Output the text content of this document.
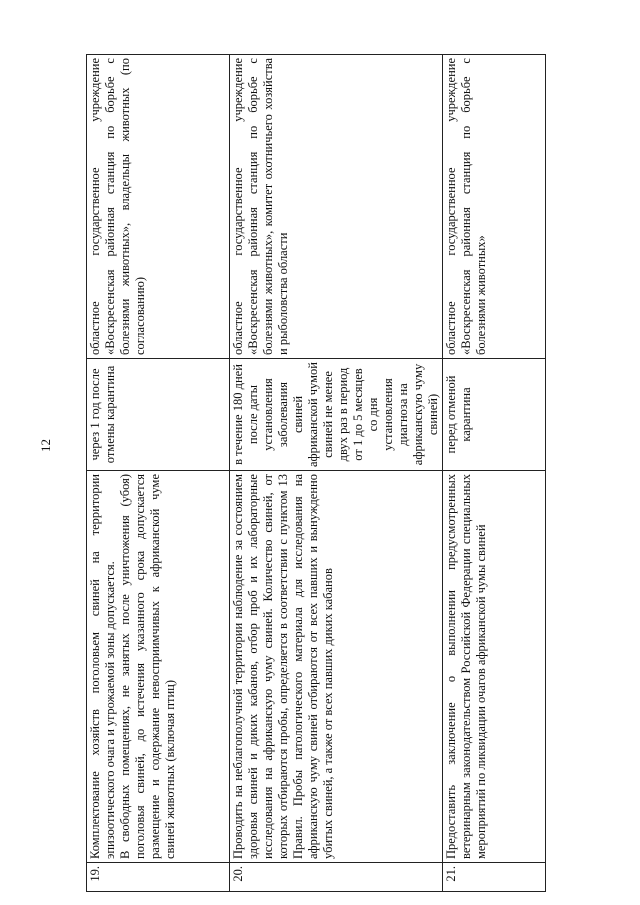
12
19.	Комплектование хозяйств поголовьем свиней на территории эпизоотического очага и угрожаемой зоны допускается. В свободных помещениях, не занятых после уничтожения (убоя) поголовья свиней, до истечения указанного срока допускается размещение и содержание невосприимчивых к африканской чуме свиней животных (включая птиц)	через 1 год после отмены карантина	областное государственное учреждение «Воскресенская районная станция по борьбе с болезнями животных», владельцы животных (по согласованию)
20.	Проводить на неблагополучной территории наблюдение за состоянием здоровья свиней и диких кабанов, отбор проб и их лабораторные исследования на африканскую чуму свиней. Количество свиней, от которых отбираются пробы, определяется в соответствии с пунктом 13 Правил. Пробы патологического материала для исследования на африканскую чуму свиней отбираются от всех павших и вынужденно убитых свиней, а также от всех павших диких кабанов	в течение 180 дней после даты установления заболевания свиней африканской чумой свиней не менее двух раз в период от 1 до 5 месяцев со дня установления диагноза на африканскую чуму свиней)	областное государственное учреждение «Воскресенская районная станция по борьбе с болезнями животных», комитет охотничьего хозяйства и рыболовства области
21.	Предоставить заключение о выполнении предусмотренных ветеринарным законодательством Российской Федерации специальных мероприятий по ликвидации очагов африканской чумы свиней	перед отменой карантина	областное государственное учреждение «Воскресенская районная станция по борьбе с болезнями животных»
